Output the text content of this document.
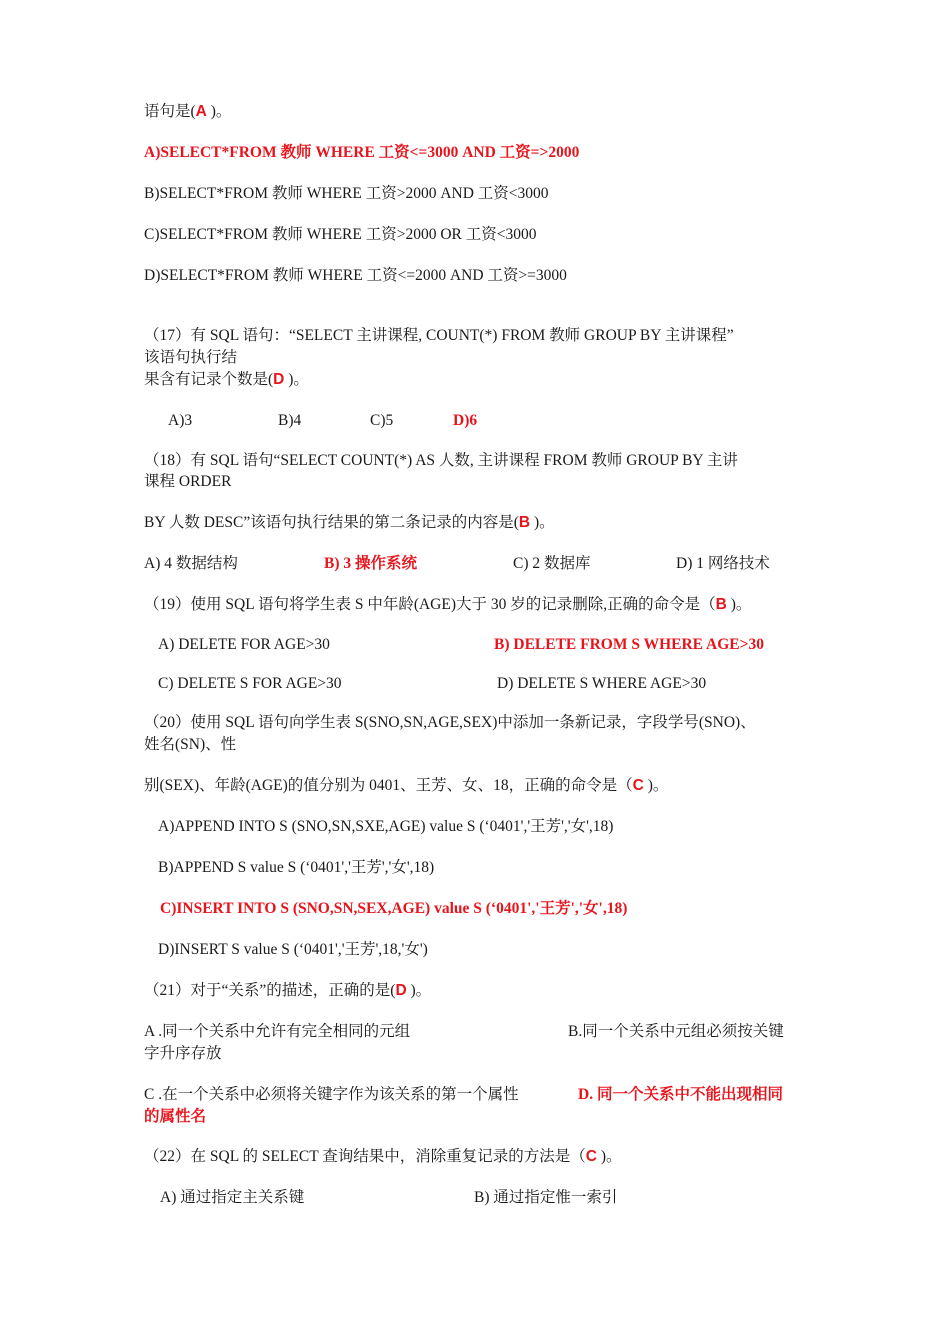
语句是(A )。
A)SELECT*FROM 教师 WHERE 工资<=3000 AND 工资=>2000
B)SELECT*FROM 教师 WHERE 工资>2000 AND 工资<3000
C)SELECT*FROM 教师 WHERE 工资>2000 OR 工资<3000
D)SELECT*FROM 教师 WHERE 工资<=2000 AND 工资>=3000
（17）有 SQL 语句：“SELECT 主讲课程, COUNT(*) FROM 教师 GROUP BY 主讲课程”
该语句执行结
果含有记录个数是(D )。
A)3	B)4	C)5	D)6
（18）有 SQL 语句“SELECT COUNT(*) AS 人数, 主讲课程 FROM 教师 GROUP BY 主讲
课程 ORDER
BY 人数 DESC”该语句执行结果的第二条记录的内容是(B )。
A) 4 数据结构	B) 3 操作系统	C) 2 数据库	D) 1 网络技术
（19）使用 SQL 语句将学生表 S 中年龄(AGE)大于 30 岁的记录删除,正确的命令是（B )。
A) DELETE FOR AGE>30	B) DELETE FROM S WHERE AGE>30
C) DELETE S FOR AGE>30	D) DELETE S WHERE AGE>30
（20）使用 SQL 语句向学生表 S(SNO,SN,AGE,SEX)中添加一条新记录，字段学号(SNO)、
姓名(SN)、性
别(SEX)、年龄(AGE)的值分别为 0401、王芳、女、18，正确的命令是（C )。
A)APPEND INTO S (SNO,SN,SXE,AGE) value S (‘0401','王芳','女',18)
B)APPEND S value S (‘0401','王芳','女',18)
C)INSERT INTO S (SNO,SN,SEX,AGE) value S (‘0401','王芳','女',18)
D)INSERT S value S (‘0401','王芳',18,'女')
（21）对于“关系”的描述，正确的是(D )。
A .同一个关系中允许有完全相同的元组	B.同一个关系中元组必须按关键
字升序存放
C .在一个关系中必须将关键字作为该关系的第一个属性	D. 同一个关系中不能出现相同
的属性名
（22）在 SQL 的 SELECT 查询结果中，消除重复记录的方法是（C )。
A) 通过指定主关系键	B) 通过指定惟一索引
